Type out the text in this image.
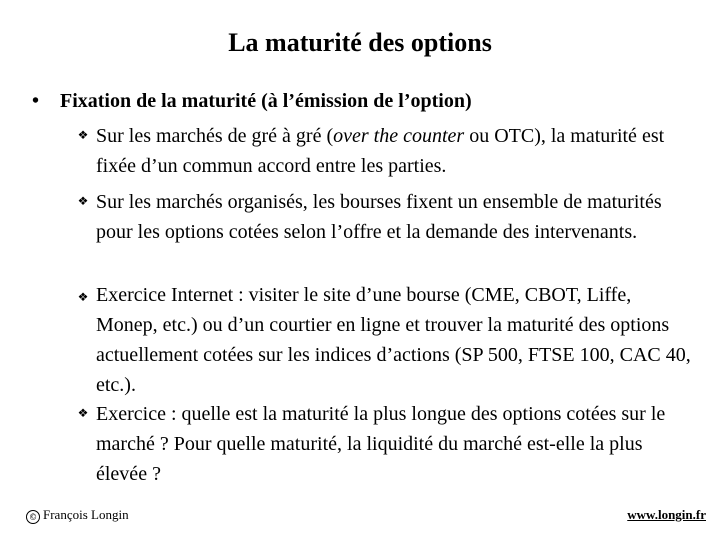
La maturité des options
• Fixation de la maturité (à l’émission de l’option)
❖ Sur les marchés de gré à gré (over the counter ou OTC), la maturité est fixée d’un commun accord entre les parties.
❖ Sur les marchés organisés, les bourses fixent un ensemble de maturités pour les options cotées selon l’offre et la demande des intervenants.
❖ Exercice Internet : visiter le site d’une bourse (CME, CBOT, Liffe, Monep, etc.) ou d’un courtier en ligne et trouver la maturité des options actuellement cotées sur les indices d’actions (SP 500, FTSE 100, CAC 40, etc.).
❖ Exercice : quelle est la maturité la plus longue des options cotées sur le marché ? Pour quelle maturité, la liquidité du marché est-elle la plus élevée ?
© François Longin	www.longin.fr
